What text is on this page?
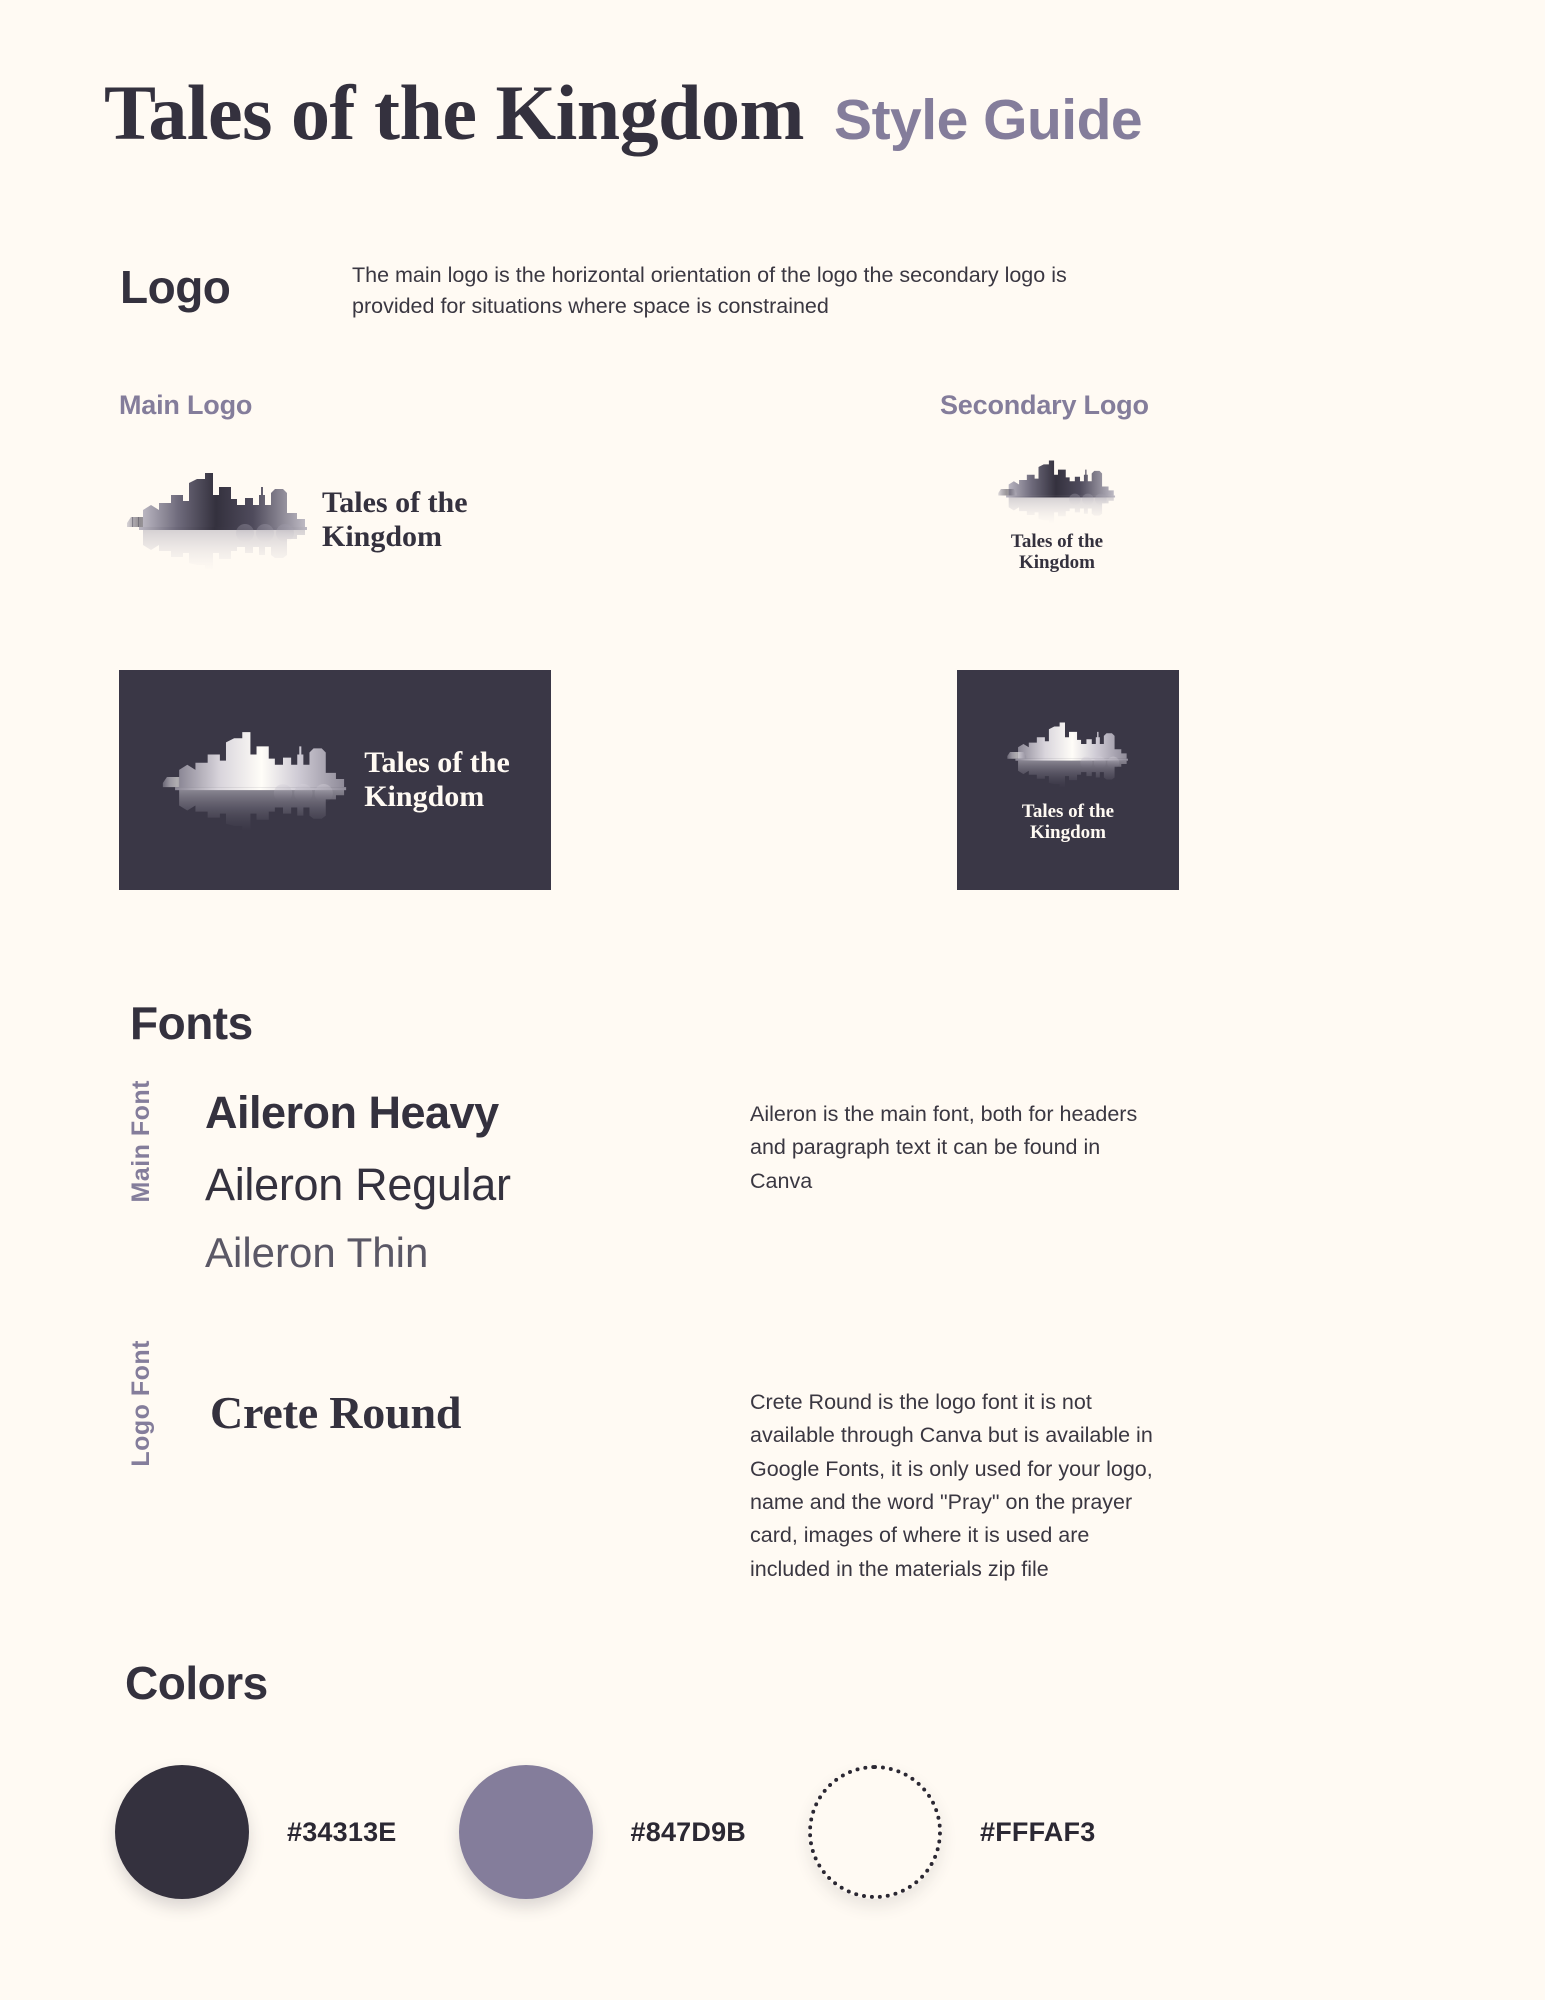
Tales of the Kingdom Style Guide
Logo	The main logo is the horizontal orientation of the logo the secondary logo is provided for situations where space is constrained
Main Logo	Secondary Logo
Tales of the
Kingdom	Tales of the
Kingdom
Tales of the
Kingdom	Tales of the
Kingdom
Fonts
Main Font Aileron Heavy
Aileron Regular
Aileron Thin
Aileron is the main font, both for headers and paragraph text it can be found in Canva
Logo Font Crete Round	Crete Round is the logo font it is not available through Canva but is available in Google Fonts, it is only used for your logo, name and the word "Pray" on the prayer card, images of where it is used are included in the materials zip file
Colors
#34313E	#847D9B	#FFFAF3
